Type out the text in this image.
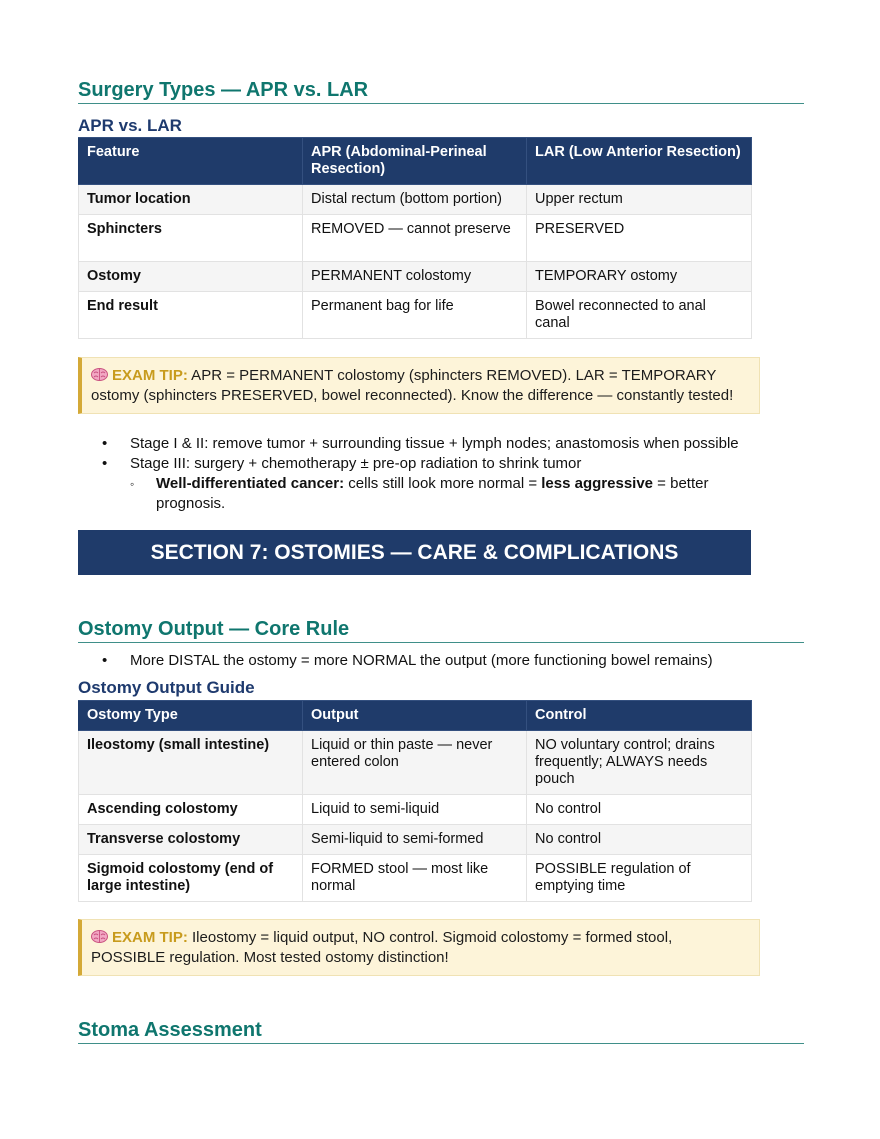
Surgery Types — APR vs. LAR
APR vs. LAR
Feature	APR (Abdominal-Perineal Resection)	LAR (Low Anterior Resection)
Tumor location	Distal rectum (bottom portion)	Upper rectum
Sphincters	REMOVED — cannot preserve	PRESERVED
Ostomy	PERMANENT colostomy	TEMPORARY ostomy
End result	Permanent bag for life	Bowel reconnected to anal canal
EXAM TIP: APR = PERMANENT colostomy (sphincters REMOVED). LAR = TEMPORARY ostomy (sphincters PRESERVED, bowel reconnected). Know the difference — constantly tested!
• Stage I & II: remove tumor + surrounding tissue + lymph nodes; anastomosis when possible
• Stage III: surgery + chemotherapy ± pre-op radiation to shrink tumor
◦ Well-differentiated cancer: cells still look more normal = less aggressive = better prognosis.
SECTION 7: OSTOMIES — CARE & COMPLICATIONS
Ostomy Output — Core Rule
• More DISTAL the ostomy = more NORMAL the output (more functioning bowel remains)
Ostomy Output Guide
Ostomy Type	Output	Control
Ileostomy (small intestine)	Liquid or thin paste — never entered colon	NO voluntary control; drains frequently; ALWAYS needs pouch
Ascending colostomy	Liquid to semi-liquid	No control
Transverse colostomy	Semi-liquid to semi-formed	No control
Sigmoid colostomy (end of large intestine)	FORMED stool — most like normal	POSSIBLE regulation of emptying time
EXAM TIP: Ileostomy = liquid output, NO control. Sigmoid colostomy = formed stool, POSSIBLE regulation. Most tested ostomy distinction!
Stoma Assessment
